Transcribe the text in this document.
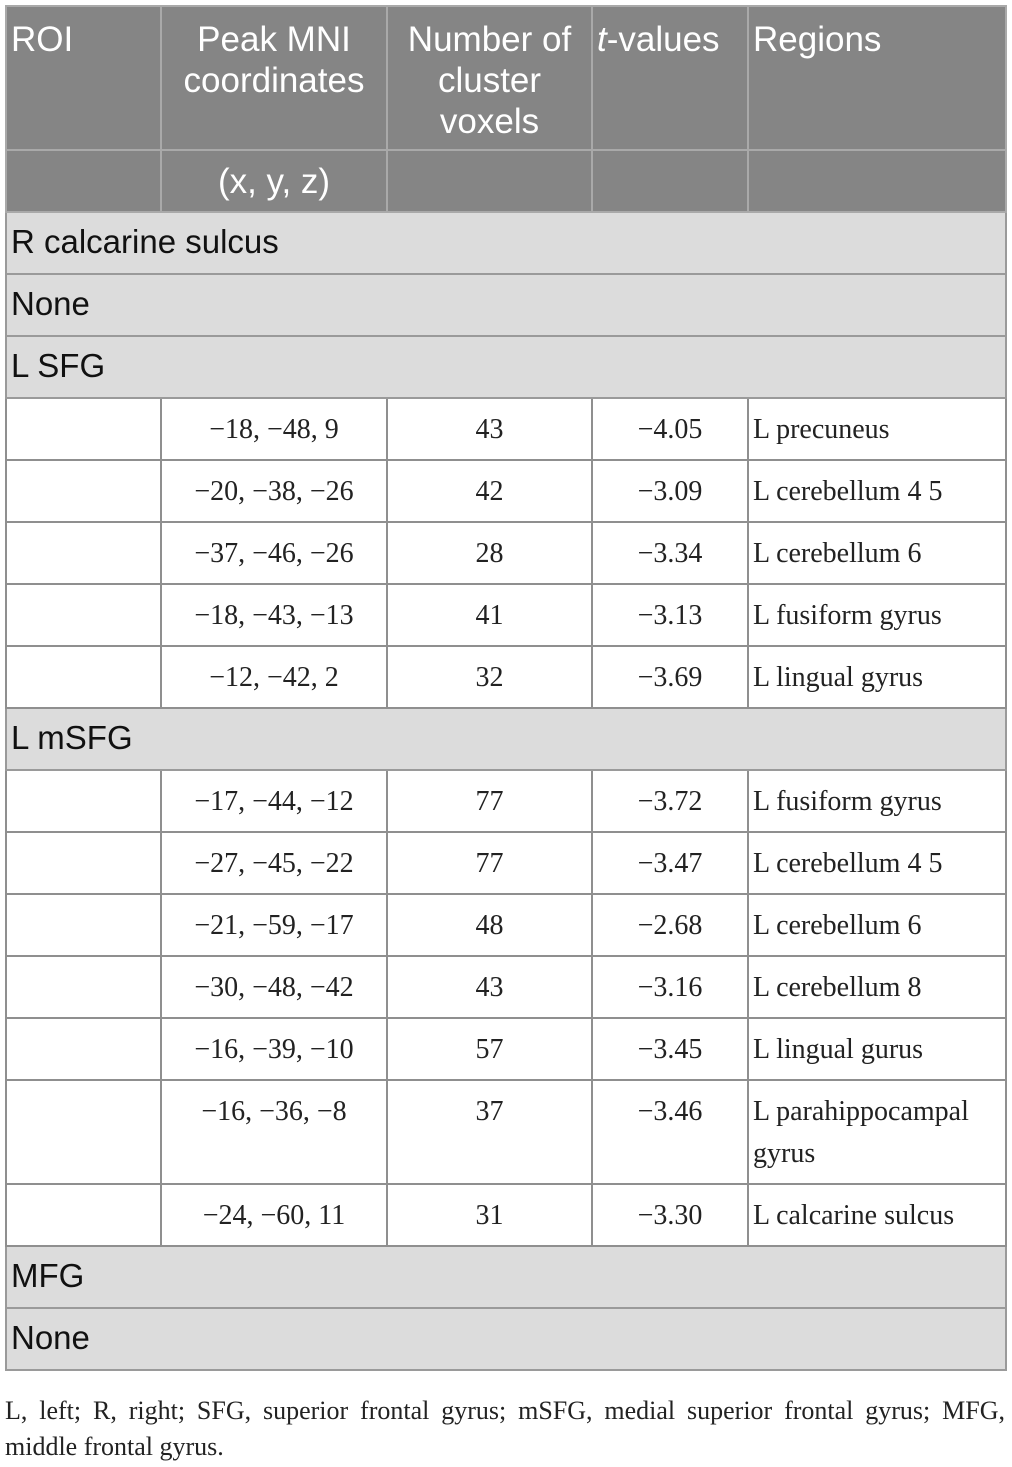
ROI	Peak MNI coordinates	Number of cluster voxels	t-values	Regions
	(x, y, z)			
R calcarine sulcus				
None				
L SFG				
	−18, −48, 9	43	−4.05	L precuneus
	−20, −38, −26	42	−3.09	L cerebellum 4 5
	−37, −46, −26	28	−3.34	L cerebellum 6
	−18, −43, −13	41	−3.13	L fusiform gyrus
	−12, −42, 2	32	−3.69	L lingual gyrus
L mSFG				
	−17, −44, −12	77	−3.72	L fusiform gyrus
	−27, −45, −22	77	−3.47	L cerebellum 4 5
	−21, −59, −17	48	−2.68	L cerebellum 6
	−30, −48, −42	43	−3.16	L cerebellum 8
	−16, −39, −10	57	−3.45	L lingual gurus
	−16, −36, −8	37	−3.46	L parahippocampal gyrus
	−24, −60, 11	31	−3.30	L calcarine sulcus
MFG				
None				
L, left; R, right; SFG, superior frontal gyrus; mSFG, medial superior frontal gyrus; MFG, middle frontal gyrus.
